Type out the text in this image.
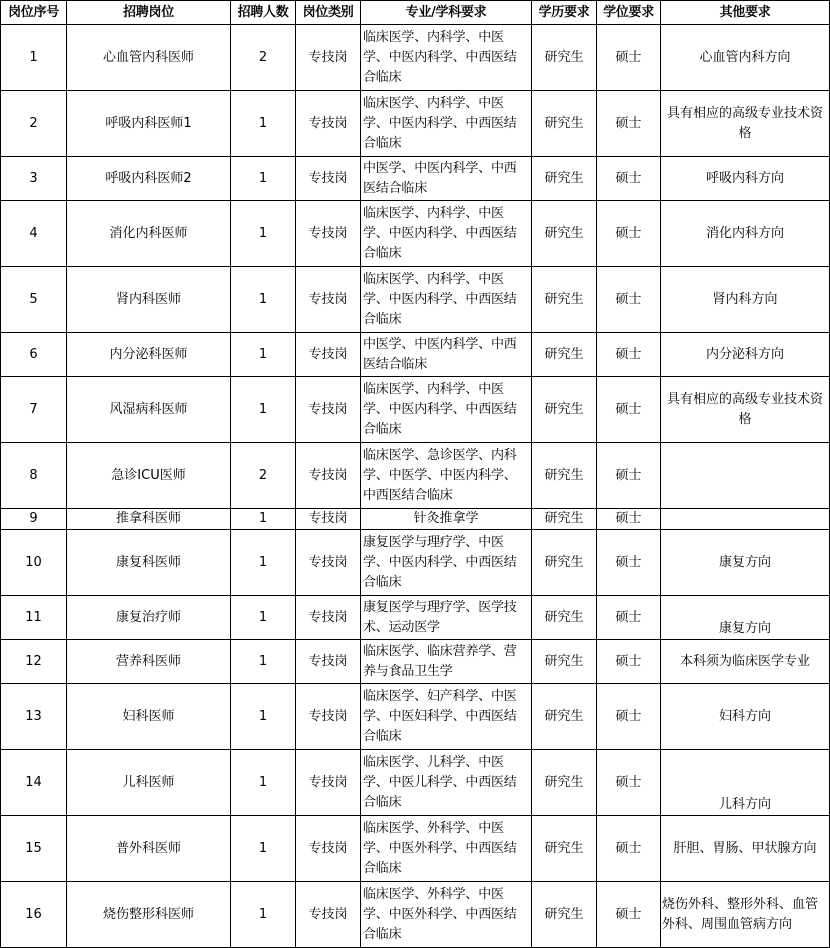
岗位序号	招聘岗位	招聘人数	岗位类别	专业/学科要求	学历要求	学位要求	其他要求
1	心血管内科医师	2	专技岗	临床医学、内科学、中医学、中医内科学、中西医结合临床	研究生	硕士	心血管内科方向
2	呼吸内科医师1	1	专技岗	临床医学、内科学、中医学、中医内科学、中西医结合临床	研究生	硕士	具有相应的高级专业技术资格
3	呼吸内科医师2	1	专技岗	中医学、中医内科学、中西医结合临床	研究生	硕士	呼吸内科方向
4	消化内科医师	1	专技岗	临床医学、内科学、中医学、中医内科学、中西医结合临床	研究生	硕士	消化内科方向
5	肾内科医师	1	专技岗	临床医学、内科学、中医学、中医内科学、中西医结合临床	研究生	硕士	肾内科方向
6	内分泌科医师	1	专技岗	中医学、中医内科学、中西医结合临床	研究生	硕士	内分泌科方向
7	风湿病科医师	1	专技岗	临床医学、内科学、中医学、中医内科学、中西医结合临床	研究生	硕士	具有相应的高级专业技术资格
8	急诊ICU医师	2	专技岗	临床医学、急诊医学、内科学、中医学、中医内科学、中西医结合临床	研究生	硕士	
9	推拿科医师	1	专技岗	针灸推拿学	研究生	硕士	
10	康复科医师	1	专技岗	康复医学与理疗学、中医学、中医内科学、中西医结合临床	研究生	硕士	康复方向
11	康复治疗师	1	专技岗	康复医学与理疗学、医学技术、运动医学	研究生	硕士	康复方向
12	营养科医师	1	专技岗	临床医学、临床营养学、营养与食品卫生学	研究生	硕士	本科须为临床医学专业
13	妇科医师	1	专技岗	临床医学、妇产科学、中医学、中医妇科学、中西医结合临床	研究生	硕士	妇科方向
14	儿科医师	1	专技岗	临床医学、儿科学、中医学、中医儿科学、中西医结合临床	研究生	硕士	儿科方向
15	普外科医师	1	专技岗	临床医学、外科学、中医学、中医外科学、中西医结合临床	研究生	硕士	肝胆、胃肠、甲状腺方向
16	烧伤整形科医师	1	专技岗	临床医学、外科学、中医学、中医外科学、中西医结合临床	研究生	硕士	烧伤外科、整形外科、血管外科、周围血管病方向
